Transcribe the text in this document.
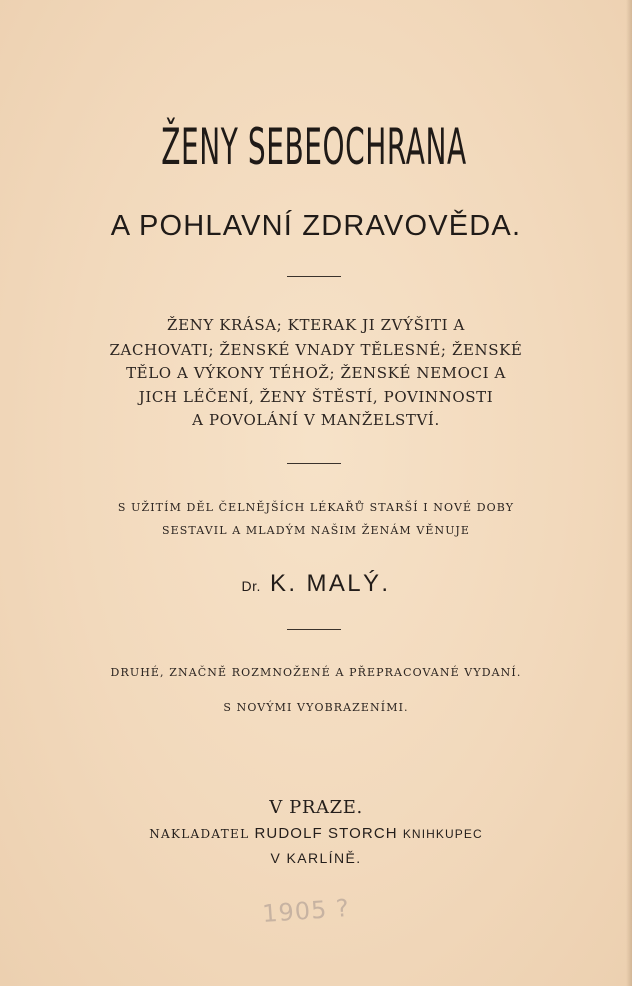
ŽENY SEBEOCHRANA
A POHLAVNÍ ZDRAVOVĚDA.
ŽENY KRÁSA; KTERAK JI ZVÝŠITI A
ZACHOVATI; ŽENSKÉ VNADY TĚLESNÉ; ŽENSKÉ
TĚLO A VÝKONY TÉHOŽ; ŽENSKÉ NEMOCI A
JICH LÉČENÍ, ŽENY ŠTĚSTÍ, POVINNOSTI
A POVOLÁNÍ V MANŽELSTVÍ.
S UŽITÍM DĚL ČELNĚJŠÍCH LÉKAŘŮ STARŠÍ I NOVÉ DOBY
SESTAVIL A MLADÝM NAŠIM ŽENÁM VĚNUJE
Dr. K. MALÝ.
DRUHÉ, ZNAČNĚ ROZMNOŽENÉ A PŘEPRACOVANÉ VYDANÍ.
S NOVÝMI VYOBRAZENÍMI.
V PRAZE.
NAKLADATEL RUDOLF STORCH KNIHKUPEC
V KARLÍNĚ.
1905 ?
